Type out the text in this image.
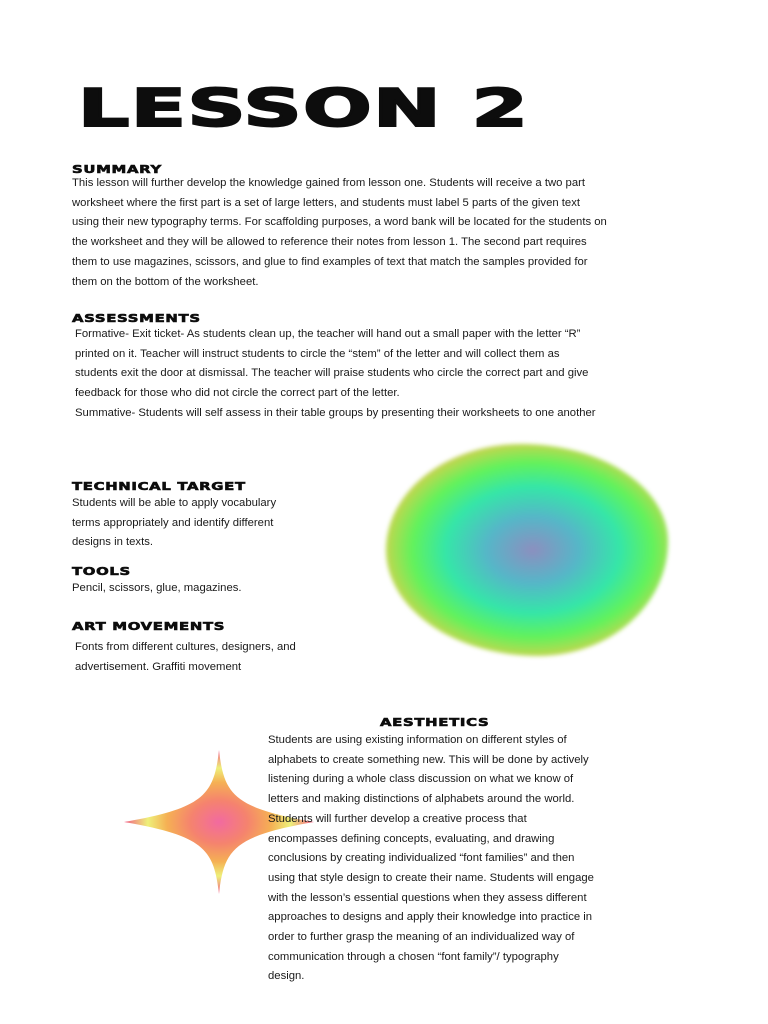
LESSON 2
SUMMARY
This lesson will further develop the knowledge gained from lesson one. Students will receive a two part
worksheet where the first part is a set of large letters, and students must label 5 parts of the given text
using their new typography terms. For scaffolding purposes, a word bank will be located for the students on
the worksheet and they will be allowed to reference their notes from lesson 1. The second part requires
them to use magazines, scissors, and glue to find examples of text that match the samples provided for
them on the bottom of the worksheet.
ASSESSMENTS
Formative- Exit ticket- As students clean up, the teacher will hand out a small paper with the letter “R”
printed on it. Teacher will instruct students to circle the “stem” of the letter and will collect them as
students exit the door at dismissal. The teacher will praise students who circle the correct part and give
feedback for those who did not circle the correct part of the letter.
Summative- Students will self assess in their table groups by presenting their worksheets to one another
TECHNICAL TARGET
Students will be able to apply vocabulary
terms appropriately and identify different
designs in texts.
TOOLS
Pencil, scissors, glue, magazines.
ART MOVEMENTS
Fonts from different cultures, designers, and
advertisement. Graffiti movement
AESTHETICS
Students are using existing information on different styles of
alphabets to create something new. This will be done by actively
listening during a whole class discussion on what we know of
letters and making distinctions of alphabets around the world.
Students will further develop a creative process that
encompasses defining concepts, evaluating, and drawing
conclusions by creating individualized “font families” and then
using that style design to create their name. Students will engage
with the lesson’s essential questions when they assess different
approaches to designs and apply their knowledge into practice in
order to further grasp the meaning of an individualized way of
communication through a chosen “font family”/ typography
design.
